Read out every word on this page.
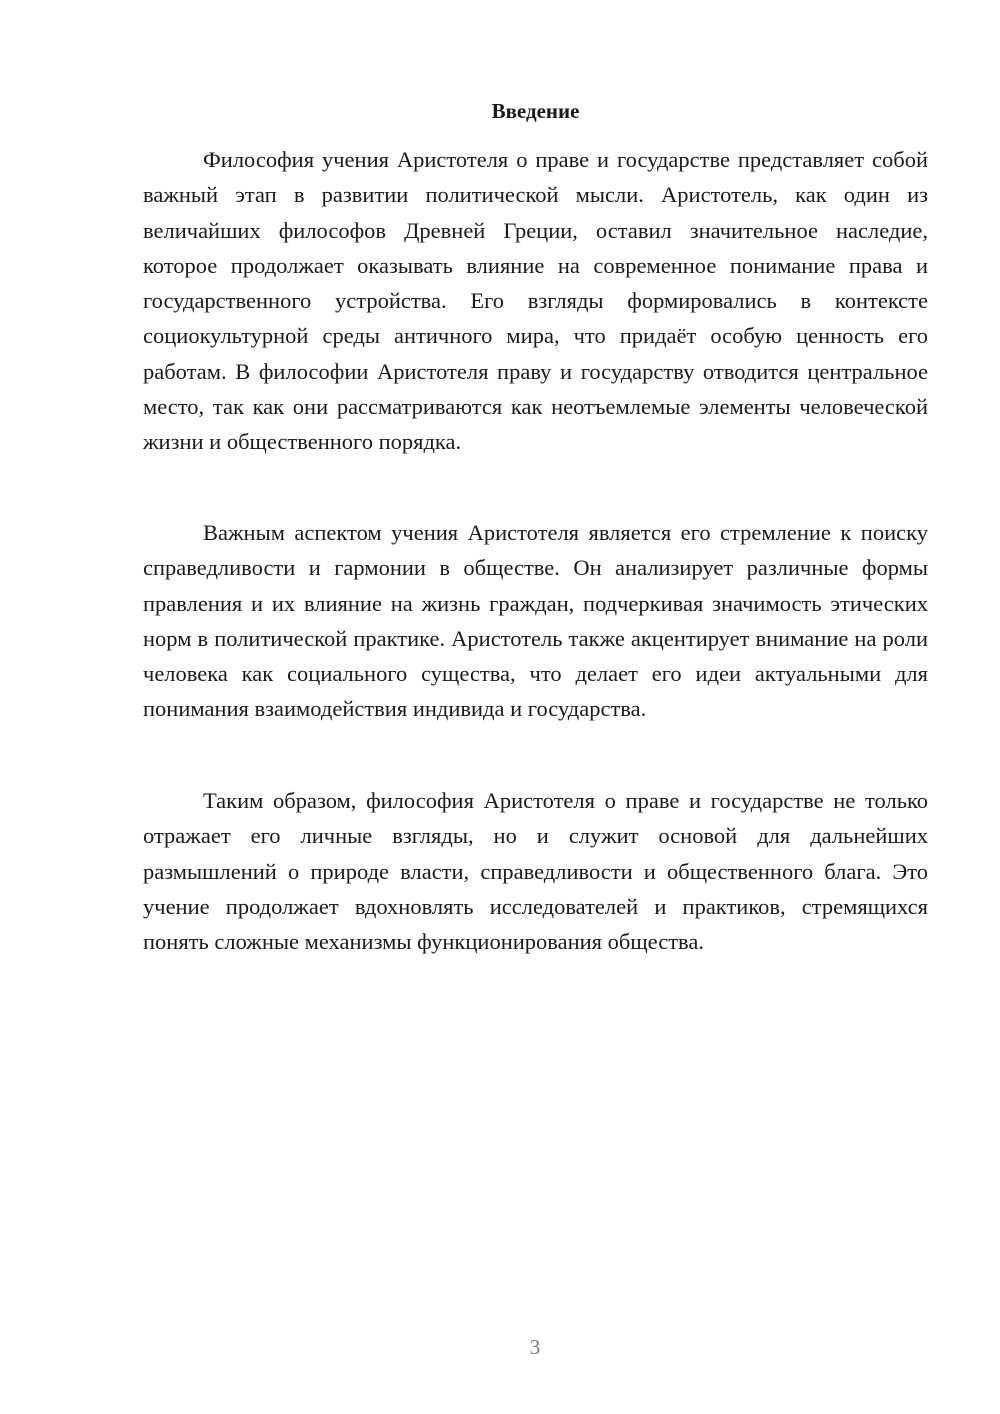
Введение

Философия учения Аристотеля о праве и государстве представляет собой важный этап в развитии политической мысли. Аристотель, как один из величайших философов Древней Греции, оставил значительное наследие, которое продолжает оказывать влияние на современное понимание права и государственного устройства. Его взгляды формировались в контексте социокультурной среды античного мира, что придаёт особую ценность его работам. В философии Аристотеля праву и государству отводится центральное место, так как они рассматриваются как неотъемлемые элементы человеческой жизни и общественного порядка.

Важным аспектом учения Аристотеля является его стремление к поиску справедливости и гармонии в обществе. Он анализирует различные формы правления и их влияние на жизнь граждан, подчеркивая значимость этических норм в политической практике. Аристотель также акцентирует внимание на роли человека как социального существа, что делает его идеи актуальными для понимания взаимодействия индивида и государства.

Таким образом, философия Аристотеля о праве и государстве не только отражает его личные взгляды, но и служит основой для дальнейших размышлений о природе власти, справедливости и общественного блага. Это учение продолжает вдохновлять исследователей и практиков, стремящихся понять сложные механизмы функционирования общества.

3
